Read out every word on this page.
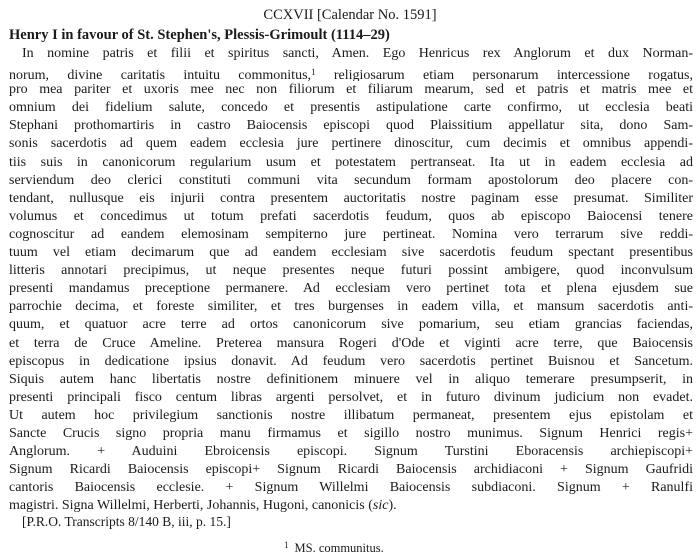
CCXVII [Calendar No. 1591]
Henry I in favour of St. Stephen's, Plessis-Grimoult (1114–29)
In nomine patris et filii et spiritus sancti, Amen. Ego Henricus rex Anglorum et dux Norman-
norum, divine caritatis intuitu commonitus,$^1$ religiosarum etiam personarum intercessione rogatus,
pro mea pariter et uxoris mee nec non filiorum et filiarum mearum, sed et patris et matris mee et
omnium dei fidelium salute, concedo et presentis astipulatione carte confirmo, ut ecclesia beati
Stephani prothomartiris in castro Baiocensis episcopi quod Plaissitium appellatur sita, dono Sam-
sonis sacerdotis ad quem eadem ecclesia jure pertinere dinoscitur, cum decimis et omnibus appendi-
tiis suis in canonicorum regularium usum et potestatem pertranseat. Ita ut in eadem ecclesia ad
serviendum deo clerici constituti communi vita secundum formam apostolorum deo placere con-
tendant, nullusque eis injurii contra presentem auctoritatis nostre paginam esse presumat. Similiter
volumus et concedimus ut totum prefati sacerdotis feudum, quos ab episcopo Baiocensi tenere
cognoscitur ad eandem elemosinam sempiterno jure pertineat. Nomina vero terrarum sive reddi-
tuum vel etiam decimarum que ad eandem ecclesiam sive sacerdotis feudum spectant presentibus
litteris annotari precipimus, ut neque presentes neque futuri possint ambigere, quod inconvulsum
presenti mandamus preceptione permanere. Ad ecclesiam vero pertinet tota et plena ejusdem sue
parrochie decima, et foreste similiter, et tres burgenses in eadem villa, et mansum sacerdotis anti-
quum, et quatuor acre terre ad ortos canonicorum sive pomarium, seu etiam grancias faciendas,
et terra de Cruce Ameline. Preterea mansura Rogeri d'Ode et viginti acre terre, que Baiocensis
episcopus in dedicatione ipsius donavit. Ad feudum vero sacerdotis pertinet Buisnou et Sancetum.
Siquis autem hanc libertatis nostre definitionem minuere vel in aliquo temerare presumpserit, in
presenti principali fisco centum libras argenti persolvet, et in futuro divinum judicium non evadet.
Ut autem hoc privilegium sanctionis nostre illibatum permaneat, presentem ejus epistolam et
Sancte Crucis signo propria manu firmamus et sigillo nostro munimus. Signum Henrici regis+
Anglorum. + Auduini Ebroicensis episcopi. Signum Turstini Eboracensis archiepiscopi+
Signum Ricardi Baiocensis episcopi+ Signum Ricardi Baiocensis archidiaconi + Signum Gaufridi
cantoris Baiocensis ecclesie. + Signum Willelmi Baiocensis subdiaconi. Signum + Ranulfi
magistri. Signa Willelmi, Herberti, Johannis, Hugoni, canonicis (sic).
[P.R.O. Transcripts 8/140 B, iii, p. 15.]
$^1$ MS. communitus.
